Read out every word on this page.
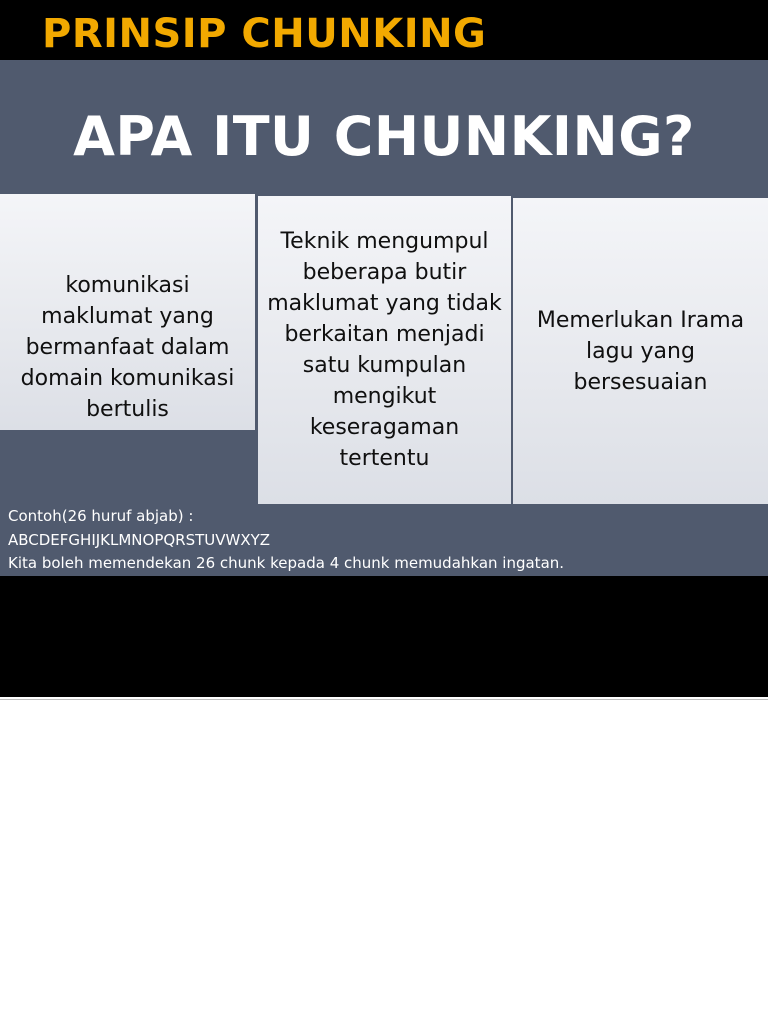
PRINSIP CHUNKING
APA ITU CHUNKING?
komunikasi maklumat yang bermanfaat dalam domain komunikasi bertulis
Teknik mengumpul beberapa butir maklumat yang tidak berkaitan menjadi satu kumpulan mengikut keseragaman tertentu
Memerlukan Irama lagu yang bersesuaian

Contoh(26 huruf abjab) :

ABCDEFGHIJKLMNOPQRSTUVWXYZ

Kita boleh memendekan 26 chunk kepada 4 chunk memudahkan ingatan.
